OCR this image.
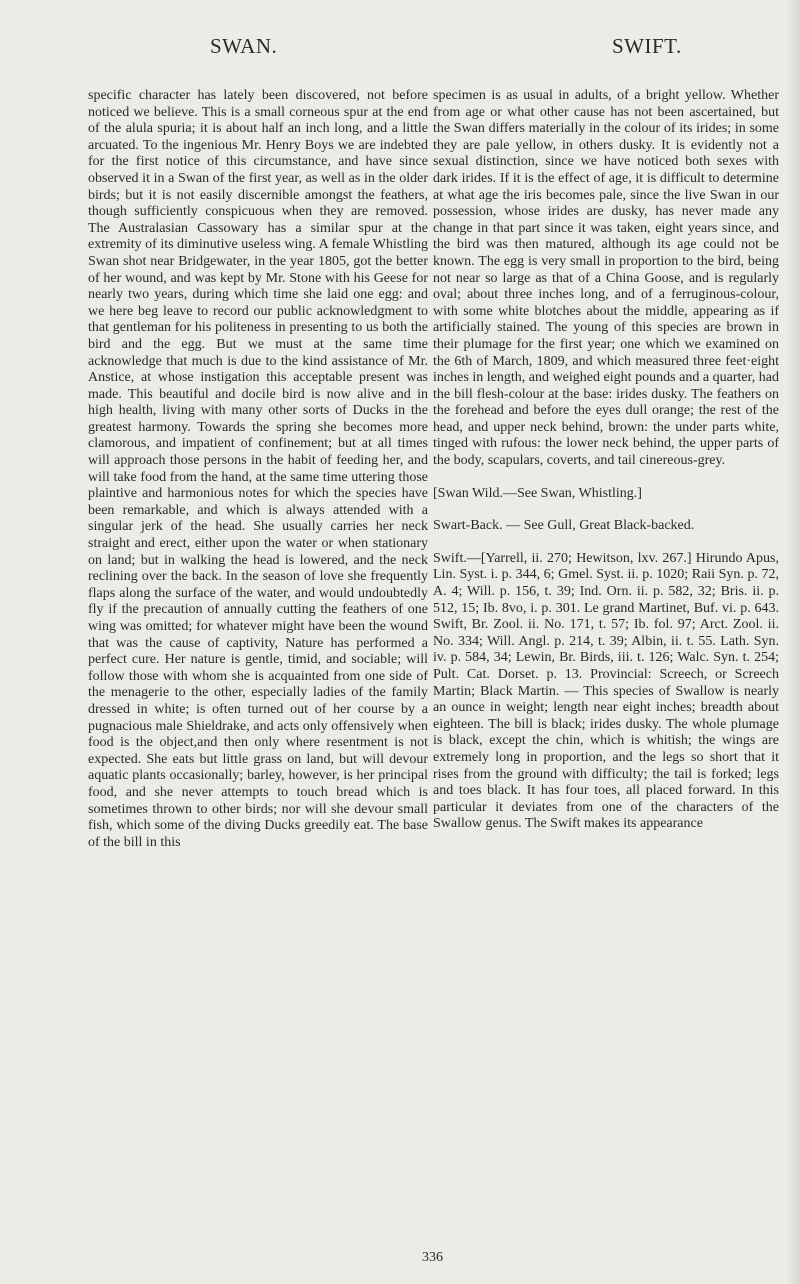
SWAN.	SWIFT.

specific character has lately been discovered, not before noticed we believe. This is a small corneous spur at the end of the alula spuria; it is about half an inch long, and a little arcuated. To the ingenious Mr. Henry Boys we are indebted for the first notice of this circumstance, and have since observed it in a Swan of the first year, as well as in the older birds; but it is not easily discernible amongst the feathers, though sufficiently conspicuous when they are removed. The Australasian Cassowary has a similar spur at the extremity of its diminutive useless wing. A female Whistling Swan shot near Bridgewater, in the year 1805, got the better of her wound, and was kept by Mr. Stone with his Geese for nearly two years, during which time she laid one egg: and we here beg leave to record our public acknowledgment to that gentleman for his politeness in presenting to us both the bird and the egg. But we must at the same time acknowledge that much is due to the kind assistance of Mr. Anstice, at whose instigation this acceptable present was made. This beautiful and docile bird is now alive and in high health, living with many other sorts of Ducks in the greatest harmony. Towards the spring she becomes more clamorous, and impatient of confinement; but at all times will approach those persons in the habit of feeding her, and will take food from the hand, at the same time uttering those plaintive and harmonious notes for which the species have been remarkable, and which is always attended with a singular jerk of the head. She usually carries her neck straight and erect, either upon the water or when stationary on land; but in walking the head is lowered, and the neck reclining over the back. In the season of love she frequently flaps along the surface of the water, and would undoubtedly fly if the precaution of annually cutting the feathers of one wing was omitted; for whatever might have been the wound that was the cause of captivity, Nature has performed a perfect cure. Her nature is gentle, timid, and sociable; will follow those with whom she is acquainted from one side of the menagerie to the other, especially ladies of the family dressed in white; is often turned out of her course by a pugnacious male Shieldrake, and acts only offensively when food is the object,and then only where resentment is not expected. She eats but little grass on land, but will devour aquatic plants occasionally; barley, however, is her principal food, and she never attempts to touch bread which is sometimes thrown to other birds; nor will she devour small fish, which some of the diving Ducks greedily eat. The base of the bill in this

specimen is as usual in adults, of a bright yellow. Whether from age or what other cause has not been ascertained, but the Swan differs materially in the colour of its irides; in some they are pale yellow, in others dusky. It is evidently not a sexual distinction, since we have noticed both sexes with dark irides. If it is the effect of age, it is difficult to determine at what age the iris becomes pale, since the live Swan in our possession, whose irides are dusky, has never made any change in that part since it was taken, eight years since, and the bird was then matured, although its age could not be known. The egg is very small in proportion to the bird, being not near so large as that of a China Goose, and is regularly oval; about three inches long, and of a ferruginous-colour, with some white blotches about the middle, appearing as if artificially stained. The young of this species are brown in their plumage for the first year; one which we examined on the 6th of March, 1809, and which measured three feet·eight inches in length, and weighed eight pounds and a quarter, had the bill flesh-colour at the base: irides dusky. The feathers on the forehead and before the eyes dull orange; the rest of the head, and upper neck behind, brown: the under parts white, tinged with rufous: the lower neck behind, the upper parts of the body, scapulars, coverts, and tail cinereous-grey.

[Swan Wild.—See Swan, Whistling.]

Swart-Back. — See Gull, Great Black-backed.

Swift.—[Yarrell, ii. 270; Hewitson, lxv. 267.] Hirundo Apus, Lin. Syst. i. p. 344, 6; Gmel. Syst. ii. p. 1020; Raii Syn. p. 72, A. 4; Will. p. 156, t. 39; Ind. Orn. ii. p. 582, 32; Bris. ii. p. 512, 15; Ib. 8vo, i. p. 301. Le grand Martinet, Buf. vi. p. 643. Swift, Br. Zool. ii. No. 171, t. 57; Ib. fol. 97; Arct. Zool. ii. No. 334; Will. Angl. p. 214, t. 39; Albin, ii. t. 55. Lath. Syn. iv. p. 584, 34; Lewin, Br. Birds, iii. t. 126; Walc. Syn. t. 254; Pult. Cat. Dorset. p. 13. Provincial: Screech, or Screech Martin; Black Martin. — This species of Swallow is nearly an ounce in weight; length near eight inches; breadth about eighteen. The bill is black; irides dusky. The whole plumage is black, except the chin, which is whitish; the wings are extremely long in proportion, and the legs so short that it rises from the ground with difficulty; the tail is forked; legs and toes black. It has four toes, all placed forward. In this particular it deviates from one of the characters of the Swallow genus. The Swift makes its appearance

336
